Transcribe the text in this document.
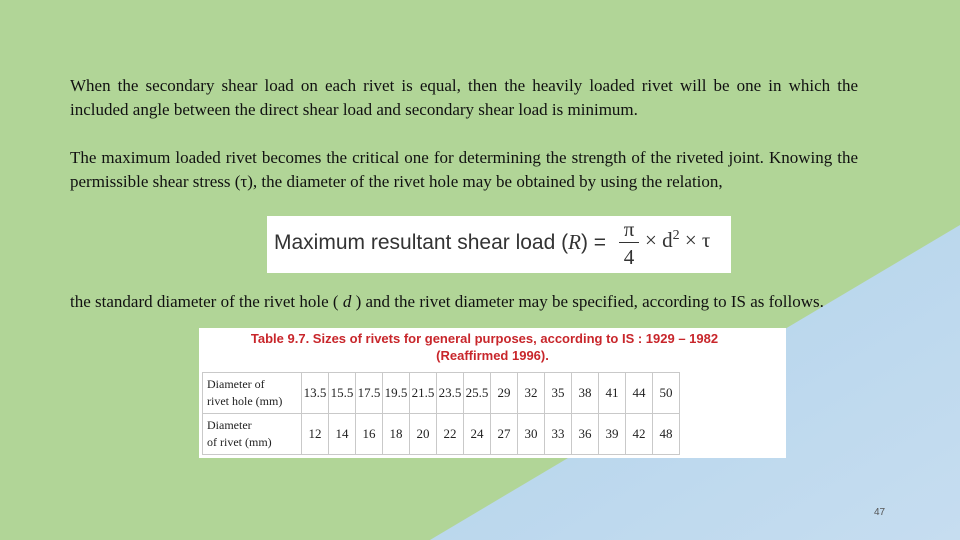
When the secondary shear load on each rivet is equal, then the heavily loaded rivet will be one in which the included angle between the direct shear load and secondary shear load is minimum.

The maximum loaded rivet becomes the critical one for determining the strength of the riveted joint. Knowing the permissible shear stress (τ), the diameter of the rivet hole may be obtained by using the relation,

Maximum resultant shear load (R) =
π
4
× $d^2 \times \tau$

the standard diameter of the rivet hole ( d ) and the rivet diameter may be specified, according to IS as follows.

Table 9.7. Sizes of rivets for general purposes, according to IS : 1929 – 1982
(Reaffirmed 1996).
Diameter of
rivet hole (mm)	13.5	15.5	17.5	19.5	21.5	23.5	25.5	29	32	35	38	41	44	50
Diameter
of rivet (mm)	12	14	16	18	20	22	24	27	30	33	36	39	42	48
47
